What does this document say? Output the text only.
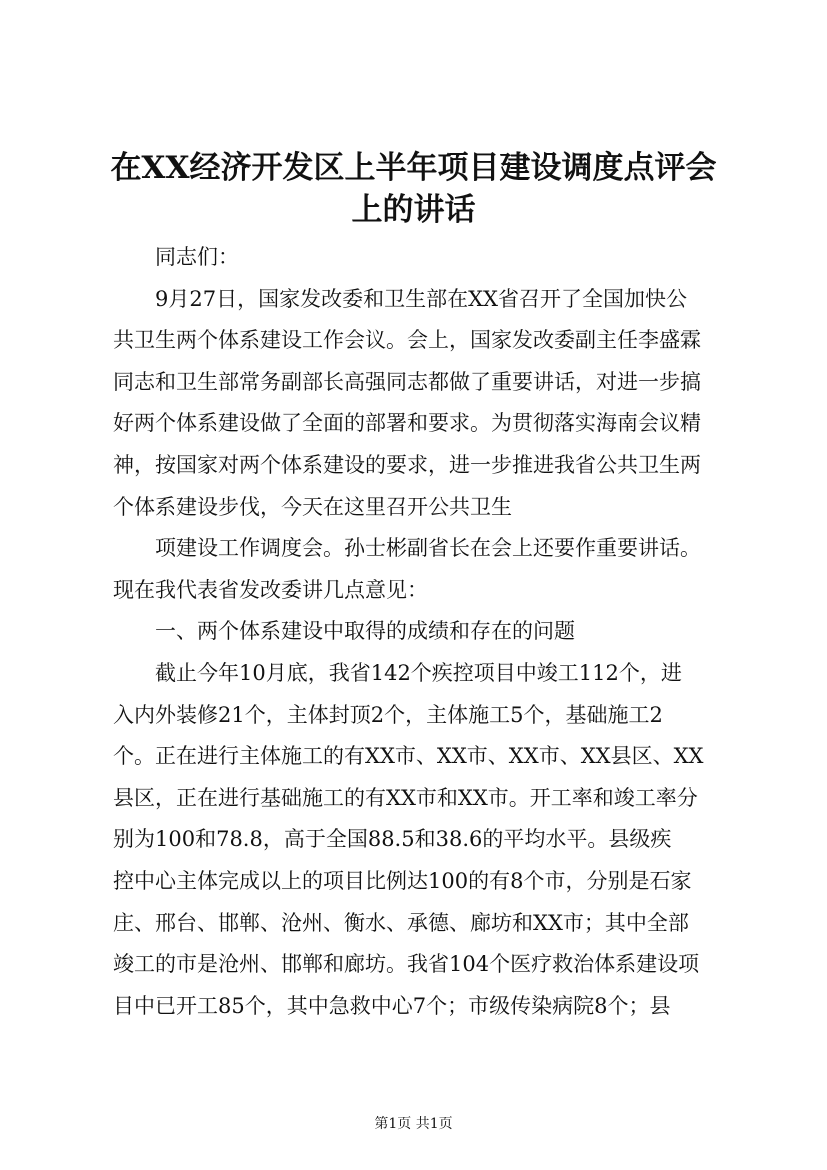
在XX经济开发区上半年项目建设调度点评会
上的讲话
同志们：
9月27日，国家发改委和卫生部在XX省召开了全国加快公
共卫生两个体系建设工作会议。会上，国家发改委副主任李盛霖
同志和卫生部常务副部长高强同志都做了重要讲话，对进一步搞
好两个体系建设做了全面的部署和要求。为贯彻落实海南会议精
神，按国家对两个体系建设的要求，进一步推进我省公共卫生两
个体系建设步伐，今天在这里召开公共卫生
项建设工作调度会。孙士彬副省长在会上还要作重要讲话。
现在我代表省发改委讲几点意见：
一、两个体系建设中取得的成绩和存在的问题
截止今年10月底，我省142个疾控项目中竣工112个，进
入内外装修21个，主体封顶2个，主体施工5个，基础施工2
个。正在进行主体施工的有XX市、XX市、XX市、XX县区、XX
县区，正在进行基础施工的有XX市和XX市。开工率和竣工率分
别为100和78.8，高于全国88.5和38.6的平均水平。县级疾
控中心主体完成以上的项目比例达100的有8个市，分别是石家
庄、邢台、邯郸、沧州、衡水、承德、廊坊和XX市；其中全部
竣工的市是沧州、邯郸和廊坊。我省104个医疗救治体系建设项
目中已开工85个，其中急救中心7个；市级传染病院8个；县
第1页 共1页
